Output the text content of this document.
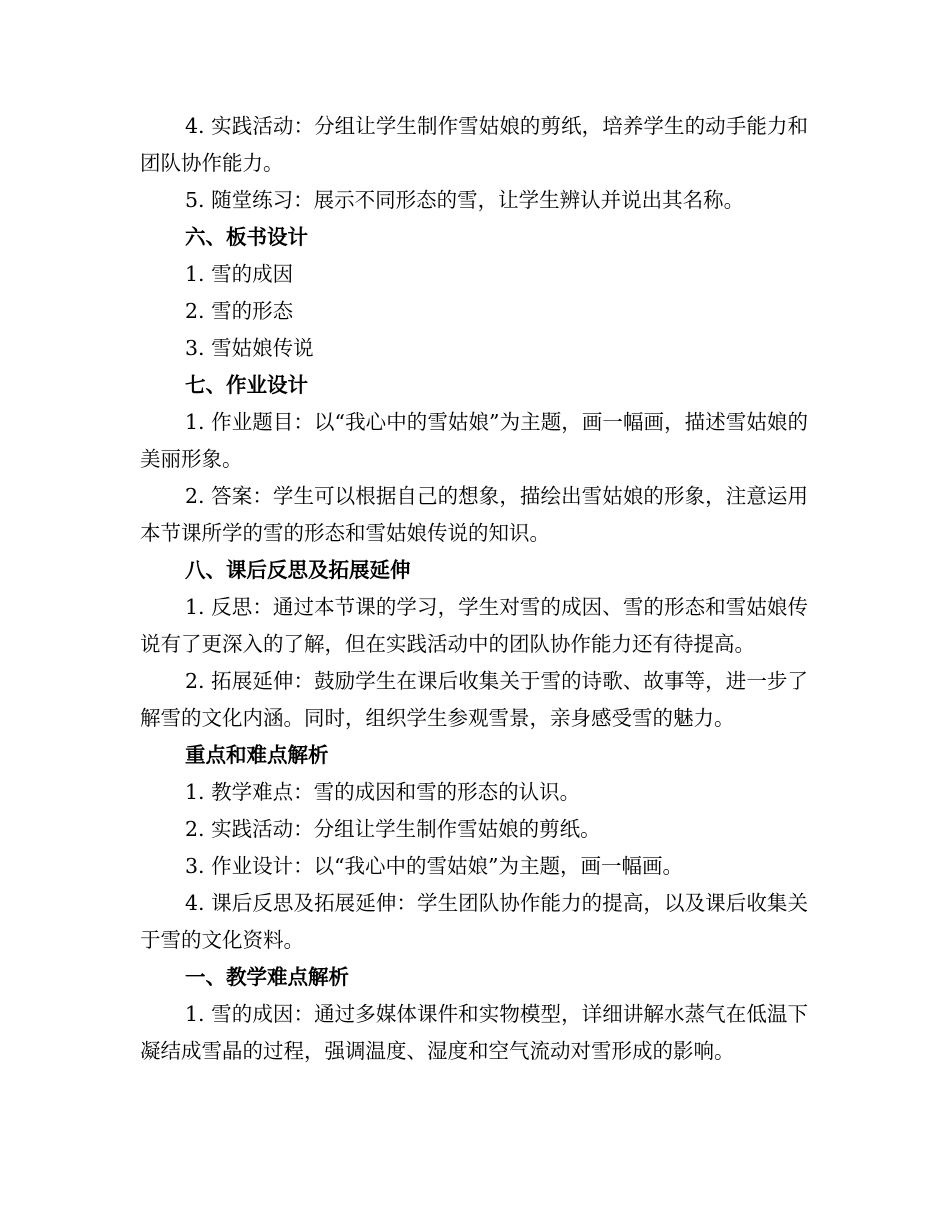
4. 实践活动：分组让学生制作雪姑娘的剪纸，培养学生的动手能力和团队协作能力。

5. 随堂练习：展示不同形态的雪，让学生辨认并说出其名称。

六、板书设计

1. 雪的成因

2. 雪的形态

3. 雪姑娘传说

七、作业设计

1. 作业题目：以“我心中的雪姑娘”为主题，画一幅画，描述雪姑娘的美丽形象。

2. 答案：学生可以根据自己的想象，描绘出雪姑娘的形象，注意运用本节课所学的雪的形态和雪姑娘传说的知识。

八、课后反思及拓展延伸

1. 反思：通过本节课的学习，学生对雪的成因、雪的形态和雪姑娘传说有了更深入的了解，但在实践活动中的团队协作能力还有待提高。

2. 拓展延伸：鼓励学生在课后收集关于雪的诗歌、故事等，进一步了解雪的文化内涵。同时，组织学生参观雪景，亲身感受雪的魅力。

重点和难点解析

1. 教学难点：雪的成因和雪的形态的认识。

2. 实践活动：分组让学生制作雪姑娘的剪纸。

3. 作业设计：以“我心中的雪姑娘”为主题，画一幅画。

4. 课后反思及拓展延伸：学生团队协作能力的提高，以及课后收集关于雪的文化资料。

一、教学难点解析

1. 雪的成因：通过多媒体课件和实物模型，详细讲解水蒸气在低温下凝结成雪晶的过程，强调温度、湿度和空气流动对雪形成的影响。
